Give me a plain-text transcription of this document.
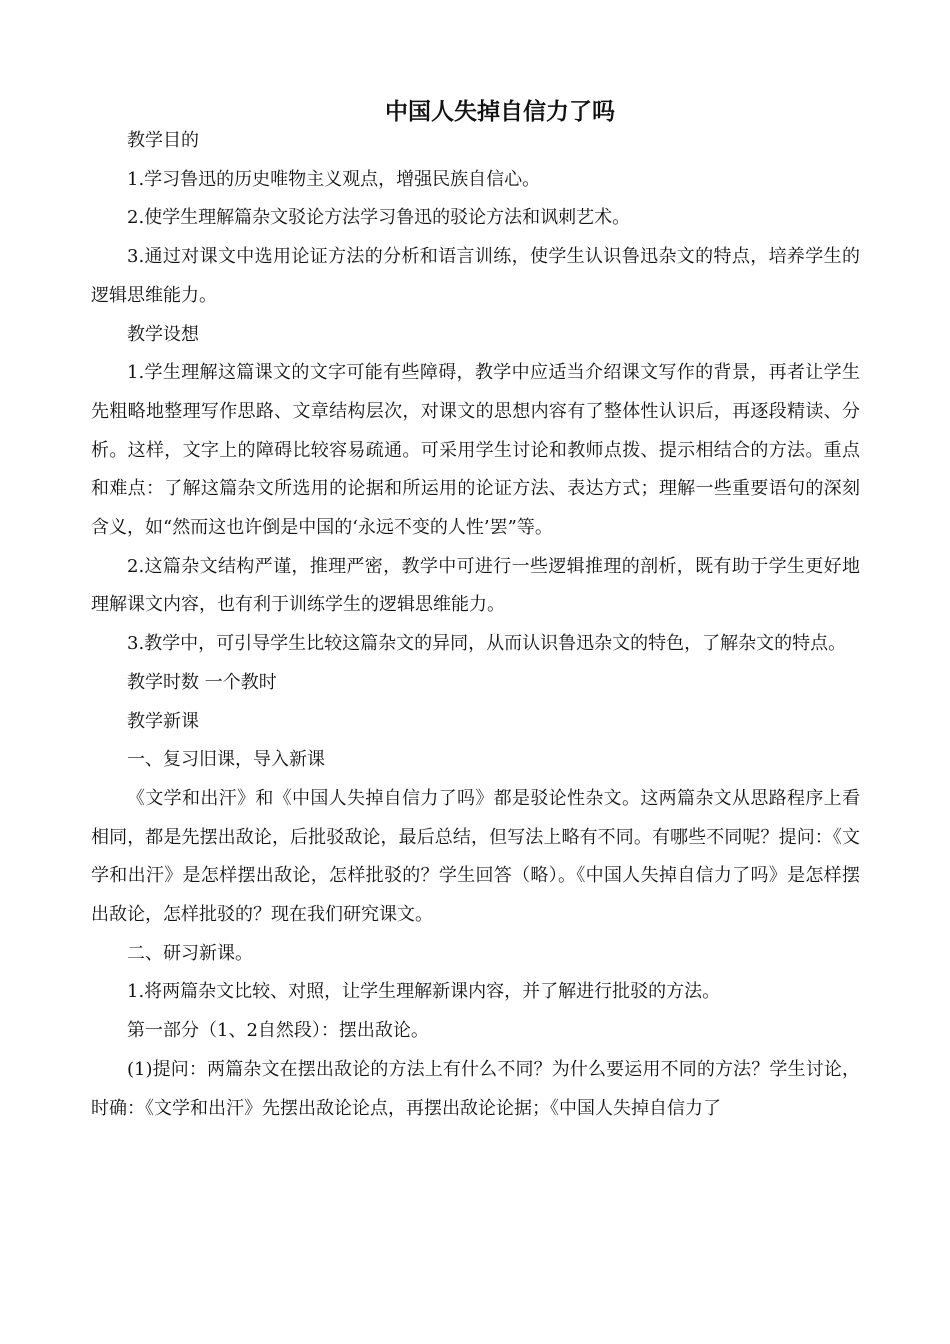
中国人失掉自信力了吗

教学目的

1.学习鲁迅的历史唯物主义观点，增强民族自信心。

2.使学生理解篇杂文驳论方法学习鲁迅的驳论方法和讽刺艺术。

3.通过对课文中选用论证方法的分析和语言训练，使学生认识鲁迅杂文的特点，培养学生的逻辑思维能力。

教学设想

1.学生理解这篇课文的文字可能有些障碍，教学中应适当介绍课文写作的背景，再者让学生先粗略地整理写作思路、文章结构层次，对课文的思想内容有了整体性认识后，再逐段精读、分析。这样，文字上的障碍比较容易疏通。可采用学生讨论和教师点拨、提示相结合的方法。重点和难点：了解这篇杂文所选用的论据和所运用的论证方法、表达方式；理解一些重要语句的深刻含义，如“然而这也许倒是中国的‘永远不变的人性’罢”等。

2.这篇杂文结构严谨，推理严密，教学中可进行一些逻辑推理的剖析，既有助于学生更好地理解课文内容，也有利于训练学生的逻辑思维能力。

3.教学中，可引导学生比较这篇杂文的异同，从而认识鲁迅杂文的特色，了解杂文的特点。

教学时数 一个教时

教学新课

一、复习旧课，导入新课

《文学和出汗》和《中国人失掉自信力了吗》都是驳论性杂文。这两篇杂文从思路程序上看相同，都是先摆出敌论，后批驳敌论，最后总结，但写法上略有不同。有哪些不同呢？提问：《文学和出汗》是怎样摆出敌论，怎样批驳的？学生回答（略）。《中国人失掉自信力了吗》是怎样摆出敌论，怎样批驳的？现在我们研究课文。

二、研习新课。

1.将两篇杂文比较、对照，让学生理解新课内容，并了解进行批驳的方法。

第一部分（1、2自然段）：摆出敌论。

(1)提问：两篇杂文在摆出敌论的方法上有什么不同？为什么要运用不同的方法？学生讨论，时确：《文学和出汗》先摆出敌论论点，再摆出敌论论据；《中国人失掉自信力了
